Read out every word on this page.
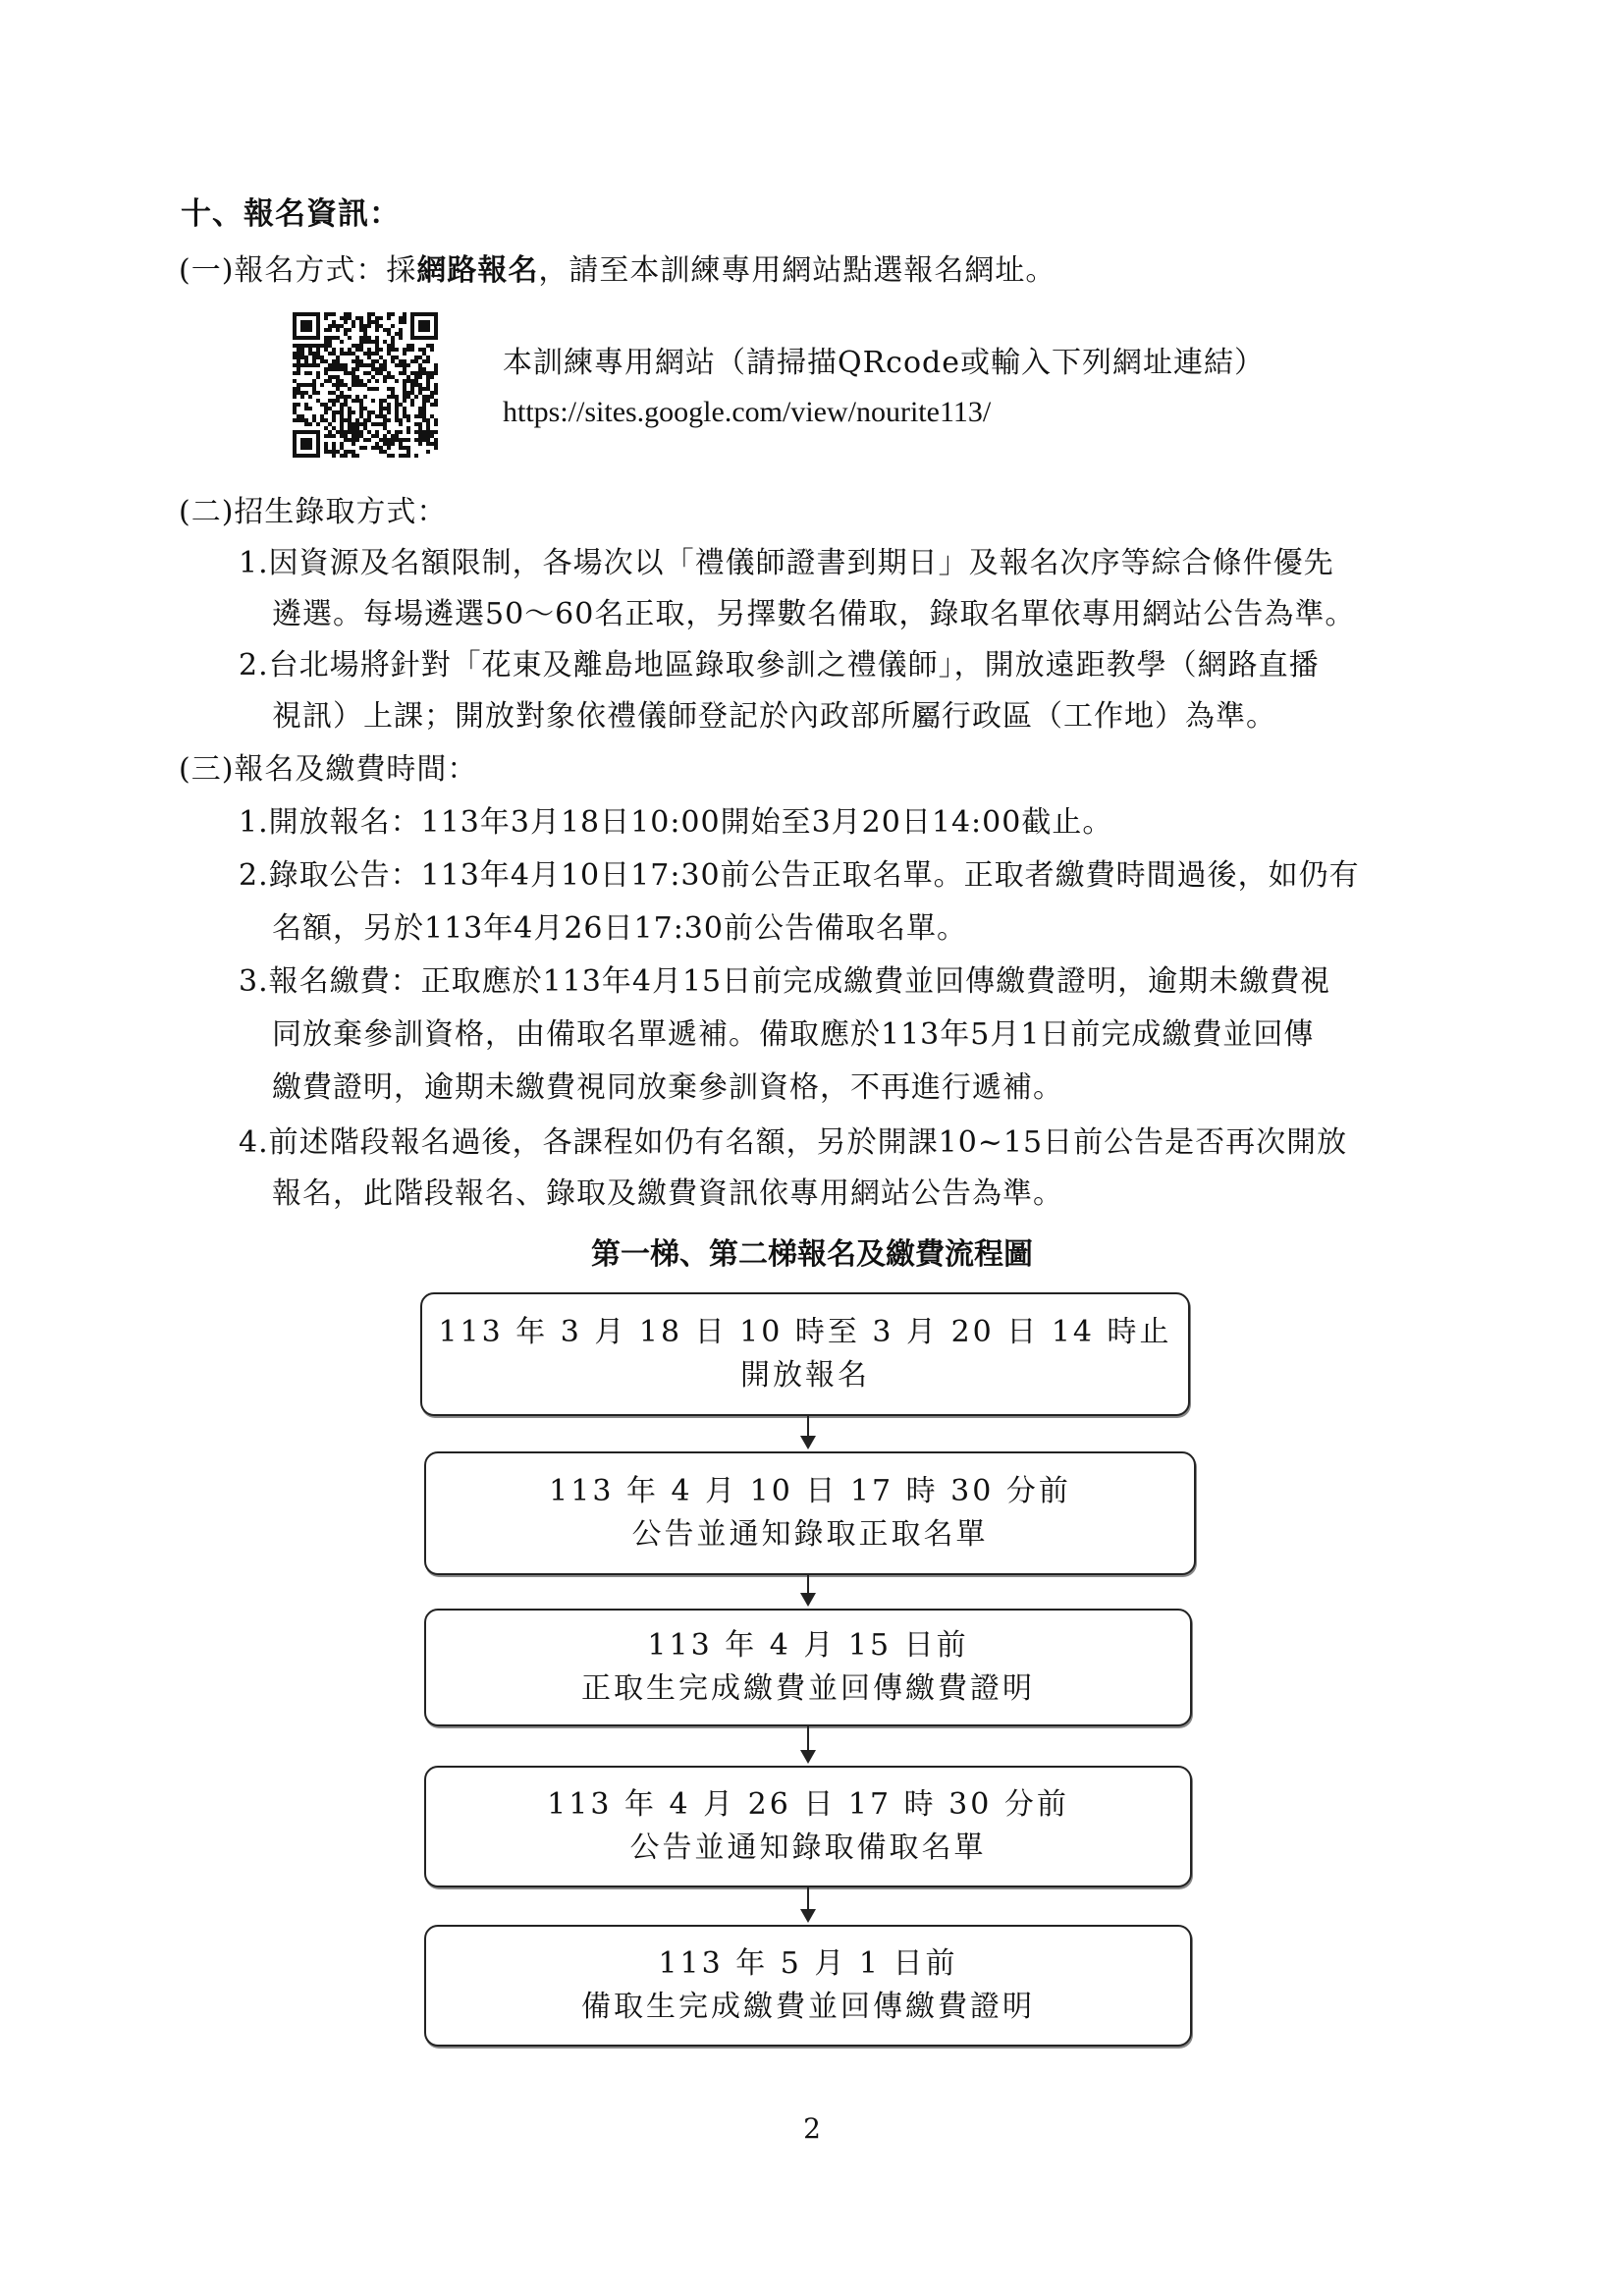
十、報名資訊：
(一)報名方式：採網路報名，請至本訓練專用網站點選報名網址。
本訓練專用網站（請掃描QRcode或輸入下列網址連結）
https://sites.google.com/view/nourite113/
(二)招生錄取方式：
1.因資源及名額限制，各場次以「禮儀師證書到期日」及報名次序等綜合條件優先
遴選。每場遴選50～60名正取，另擇數名備取，錄取名單依專用網站公告為準。
2.台北場將針對「花東及離島地區錄取參訓之禮儀師」，開放遠距教學（網路直播
視訊）上課；開放對象依禮儀師登記於內政部所屬行政區（工作地）為準。
(三)報名及繳費時間：
1.開放報名：113年3月18日10:00開始至3月20日14:00截止。
2.錄取公告：113年4月10日17:30前公告正取名單。正取者繳費時間過後，如仍有
名額，另於113年4月26日17:30前公告備取名單。
3.報名繳費：正取應於113年4月15日前完成繳費並回傳繳費證明，逾期未繳費視
同放棄參訓資格，由備取名單遞補。備取應於113年5月1日前完成繳費並回傳
繳費證明，逾期未繳費視同放棄參訓資格，不再進行遞補。
4.前述階段報名過後，各課程如仍有名額，另於開課10~15日前公告是否再次開放
報名，此階段報名、錄取及繳費資訊依專用網站公告為準。
第一梯、第二梯報名及繳費流程圖
113 年 3 月 18 日 10 時至 3 月 20 日 14 時止
開放報名
113 年 4 月 10 日 17 時 30 分前
公告並通知錄取正取名單
113 年 4 月 15 日前
正取生完成繳費並回傳繳費證明
113 年 4 月 26 日 17 時 30 分前
公告並通知錄取備取名單
113 年 5 月 1 日前
備取生完成繳費並回傳繳費證明
2
